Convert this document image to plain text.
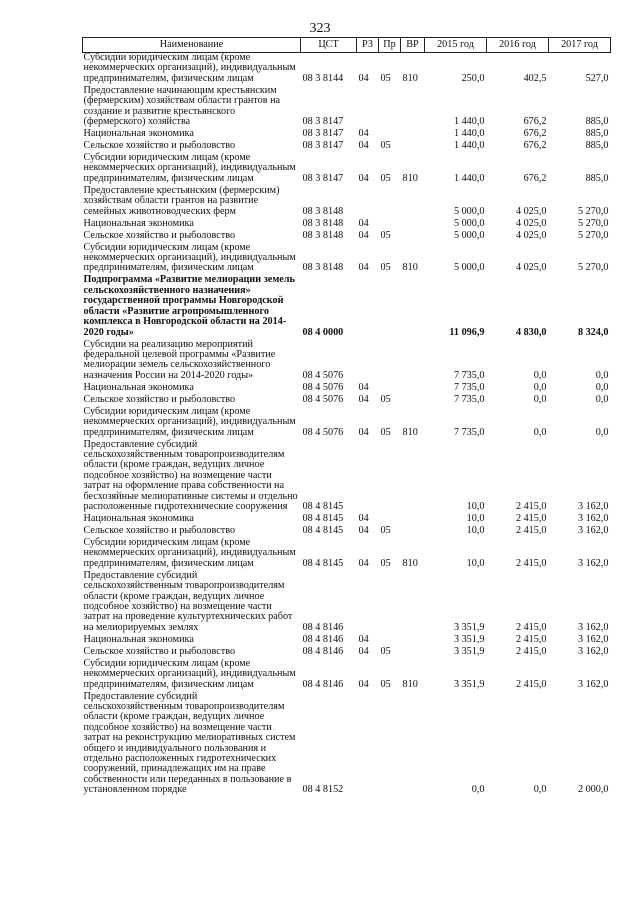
323
Наименование	ЦСТ	РЗ	Пр	ВР	2015 год	2016 год	2017 год
Субсидии юридическим лицам (кроме некоммерческих организаций), индивидуальным предпринимателям, физическим лицам	08 3 8144	04	05	810	250,0	402,5	527,0
Предоставление начинающим крестьянским (фермерским) хозяйствам области грантов на создание и развитие крестьянского (фермерского) хозяйства	08 3 8147				1 440,0	676,2	885,0
Национальная экономика	08 3 8147	04			1 440,0	676,2	885,0
Сельское хозяйство и рыболовство	08 3 8147	04	05		1 440,0	676,2	885,0
Субсидии юридическим лицам (кроме некоммерческих организаций), индивидуальным предпринимателям, физическим лицам	08 3 8147	04	05	810	1 440,0	676,2	885,0
Предоставление крестьянским (фермерским) хозяйствам области грантов на развитие семейных животноводческих ферм	08 3 8148				5 000,0	4 025,0	5 270,0
Национальная экономика	08 3 8148	04			5 000,0	4 025,0	5 270,0
Сельское хозяйство и рыболовство	08 3 8148	04	05		5 000,0	4 025,0	5 270,0
Субсидии юридическим лицам (кроме некоммерческих организаций), индивидуальным предпринимателям, физическим лицам	08 3 8148	04	05	810	5 000,0	4 025,0	5 270,0
Подпрограмма «Развитие мелиорации земель сельскохозяйственного назначения» государственной программы Новгородской области «Развитие агропромышленного комплекса в Новгородской области на 2014-2020 годы»	08 4 0000				11 096,9	4 830,0	8 324,0
Субсидии на реализацию мероприятий федеральной целевой программы «Развитие мелиорации земель сельскохозяйственного назначения России на 2014-2020 годы»	08 4 5076				7 735,0	0,0	0,0
Национальная экономика	08 4 5076	04			7 735,0	0,0	0,0
Сельское хозяйство и рыболовство	08 4 5076	04	05		7 735,0	0,0	0,0
Субсидии юридическим лицам (кроме некоммерческих организаций), индивидуальным предпринимателям, физическим лицам	08 4 5076	04	05	810	7 735,0	0,0	0,0
Предоставление субсидий сельскохозяйственным товаропроизводителям области (кроме граждан, ведущих личное подсобное хозяйство) на возмещение части затрат на оформление права собственности на бесхозяйные мелиоративные системы и отдельно расположенные гидротехнические сооружения	08 4 8145				10,0	2 415,0	3 162,0
Национальная экономика	08 4 8145	04			10,0	2 415,0	3 162,0
Сельское хозяйство и рыболовство	08 4 8145	04	05		10,0	2 415,0	3 162,0
Субсидии юридическим лицам (кроме некоммерческих организаций), индивидуальным предпринимателям, физическим лицам	08 4 8145	04	05	810	10,0	2 415,0	3 162,0
Предоставление субсидий сельскохозяйственным товаропроизводителям области (кроме граждан, ведущих личное подсобное хозяйство) на возмещение части затрат на проведение культуртехнических работ на мелиорируемых землях	08 4 8146				3 351,9	2 415,0	3 162,0
Национальная экономика	08 4 8146	04			3 351,9	2 415,0	3 162,0
Сельское хозяйство и рыболовство	08 4 8146	04	05		3 351,9	2 415,0	3 162,0
Субсидии юридическим лицам (кроме некоммерческих организаций), индивидуальным предпринимателям, физическим лицам	08 4 8146	04	05	810	3 351,9	2 415,0	3 162,0
Предоставление субсидий сельскохозяйственным товаропроизводителям области (кроме граждан, ведущих личное подсобное хозяйство) на возмещение части затрат на реконструкцию мелиоративных систем общего и индивидуального пользования и отдельно расположенных гидротехнических сооружений, принадлежащих им на праве собственности или переданных в пользование в установленном порядке	08 4 8152				0,0	0,0	2 000,0
